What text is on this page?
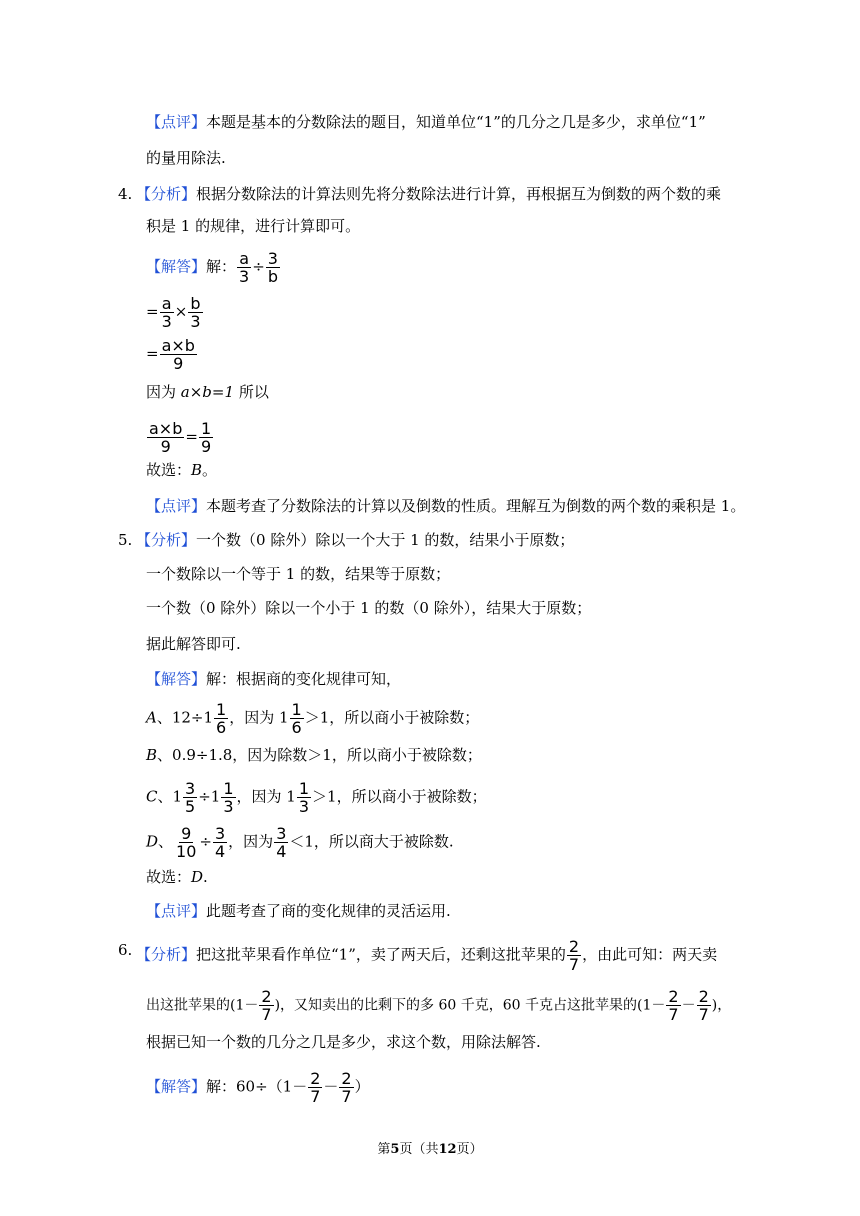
【点评】本题是基本的分数除法的题目，知道单位“1”的几分之几是多少，求单位“1”
的量用除法.
4. 【分析】根据分数除法的计算法则先将分数除法进行计算，再根据互为倒数的两个数的乘
积是 1 的规律，进行计算即可。
【解答】解： $\frac{a}{3} \div \frac{3}{b}$
= $\frac{a}{3} \times \frac{b}{3}$
= $\frac{a\times b}{9}$
因为 a×b=1 所以
$\frac{a\times b}{9} = \frac{1}{9}$
故选：B。
【点评】本题考查了分数除法的计算以及倒数的性质。理解互为倒数的两个数的乘积是 1。
5. 【分析】一个数（0 除外）除以一个大于 1 的数，结果小于原数；
一个数除以一个等于 1 的数，结果等于原数；
一个数（0 除外）除以一个小于 1 的数（0 除外），结果大于原数；
据此解答即可.
【解答】解：根据商的变化规律可知，
A、$12\div 1 \frac{1}{6}$ ，因为 $1 \frac{1}{6} >1$，所以商小于被除数；
B、0.9÷1.8，因为除数＞1，所以商小于被除数；
C、$1 \frac{3}{5} \div 1 \frac{1}{3}$ ，因为 $1 \frac{1}{3} >1$，所以商小于被除数；
D、 $\frac{9}{10} \div \frac{3}{4}$ ，因为 $\frac{3}{4} <1$，所以商大于被除数.
故选：D.
【点评】此题考查了商的变化规律的灵活运用.
6. 【分析】把这批苹果看作单位“1”，卖了两天后，还剩这批苹果的 $\frac{2}{7}$ ，由此可知：两天卖
出这批苹果的($1- \frac{2}{7}$ )，又知卖出的比剩下的多 60 千克，60 千克占这批苹果的($1- \frac{2}{7} - \frac{2}{7}$ )，
根据已知一个数的几分之几是多少，求这个数，用除法解答.
【解答】解：$60\div(1- \frac{2}{7} - \frac{2}{7}$ ）
第5页（共12页）
